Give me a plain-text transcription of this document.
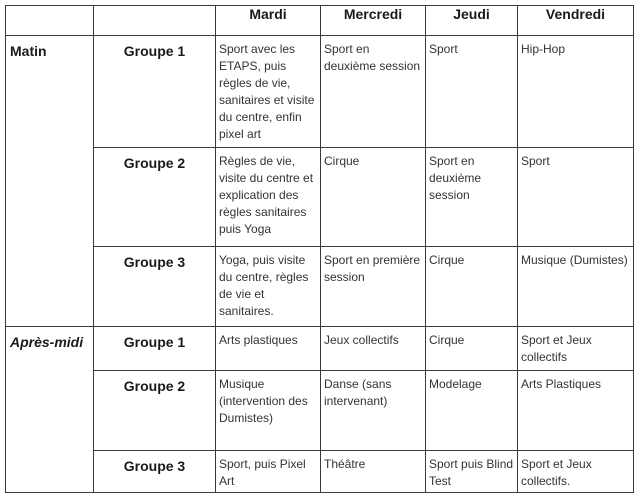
		Mardi	Mercredi	Jeudi	Vendredi
Matin	Groupe 1	Sport avec les ETAPS, puis règles de vie, sanitaires et visite du centre, enfin pixel art	Sport en deuxième session	Sport	Hip-Hop
	Groupe 2	Règles de vie, visite du centre et explication des règles sanitaires puis Yoga	Cirque	Sport en deuxième session	Sport
	Groupe 3	Yoga, puis visite du centre, règles de vie et sanitaires.	Sport en première session	Cirque	Musique (Dumistes)
Après-midi	Groupe 1	Arts plastiques	Jeux collectifs	Cirque	Sport et Jeux collectifs
	Groupe 2	Musique (intervention des Dumistes)	Danse (sans intervenant)	Modelage	Arts Plastiques
	Groupe 3	Sport, puis Pixel Art	Théâtre	Sport puis Blind Test	Sport et Jeux collectifs.
